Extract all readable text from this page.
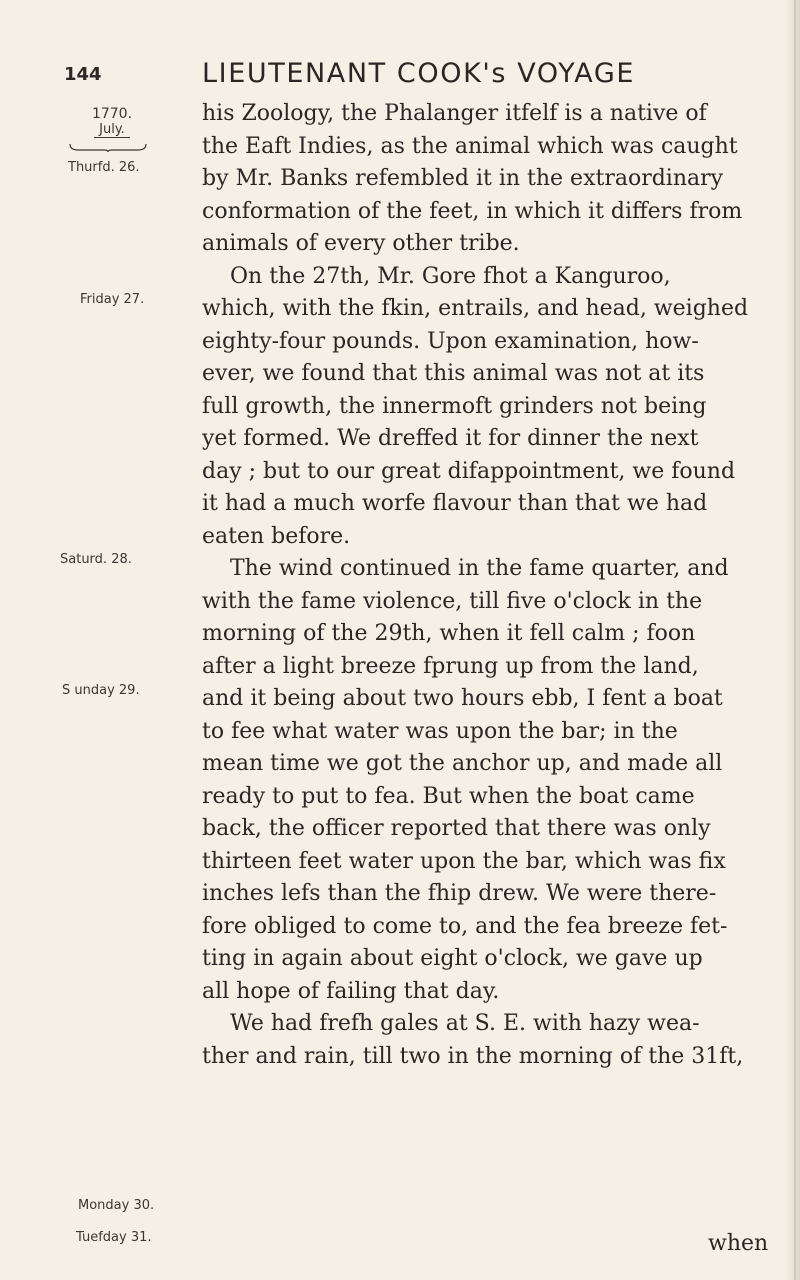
144	LIEUTENANT COOK's VOYAGE
1770.
July.
Thurfd. 26.
Friday 27.
Saturd. 28.
S unday 29.
Monday 30.
Tuefday 31.
his Zoology, the Phalanger itfelf is a native of
the Eaft Indies, as the animal which was caught
by Mr. Banks refembled it in the extraordinary
conformation of the feet, in which it differs from
animals of every other tribe.
On the 27th, Mr. Gore fhot a Kanguroo,
which, with the fkin, entrails, and head, weighed
eighty-four pounds. Upon examination, how-
ever, we found that this animal was not at its
full growth, the innermoft grinders not being
yet formed. We dreffed it for dinner the next
day ; but to our great difappointment, we found
it had a much worfe flavour than that we had
eaten before.
The wind continued in the fame quarter, and
with the fame violence, till five o'clock in the
morning of the 29th, when it fell calm ; foon
after a light breeze fprung up from the land,
and it being about two hours ebb, I fent a boat
to fee what water was upon the bar; in the
mean time we got the anchor up, and made all
ready to put to fea. But when the boat came
back, the officer reported that there was only
thirteen feet water upon the bar, which was fix
inches lefs than the fhip drew. We were there-
fore obliged to come to, and the fea breeze fet-
ting in again about eight o'clock, we gave up
all hope of failing that day.
We had frefh gales at S. E. with hazy wea-
ther and rain, till two in the morning of the 31ft,
when
